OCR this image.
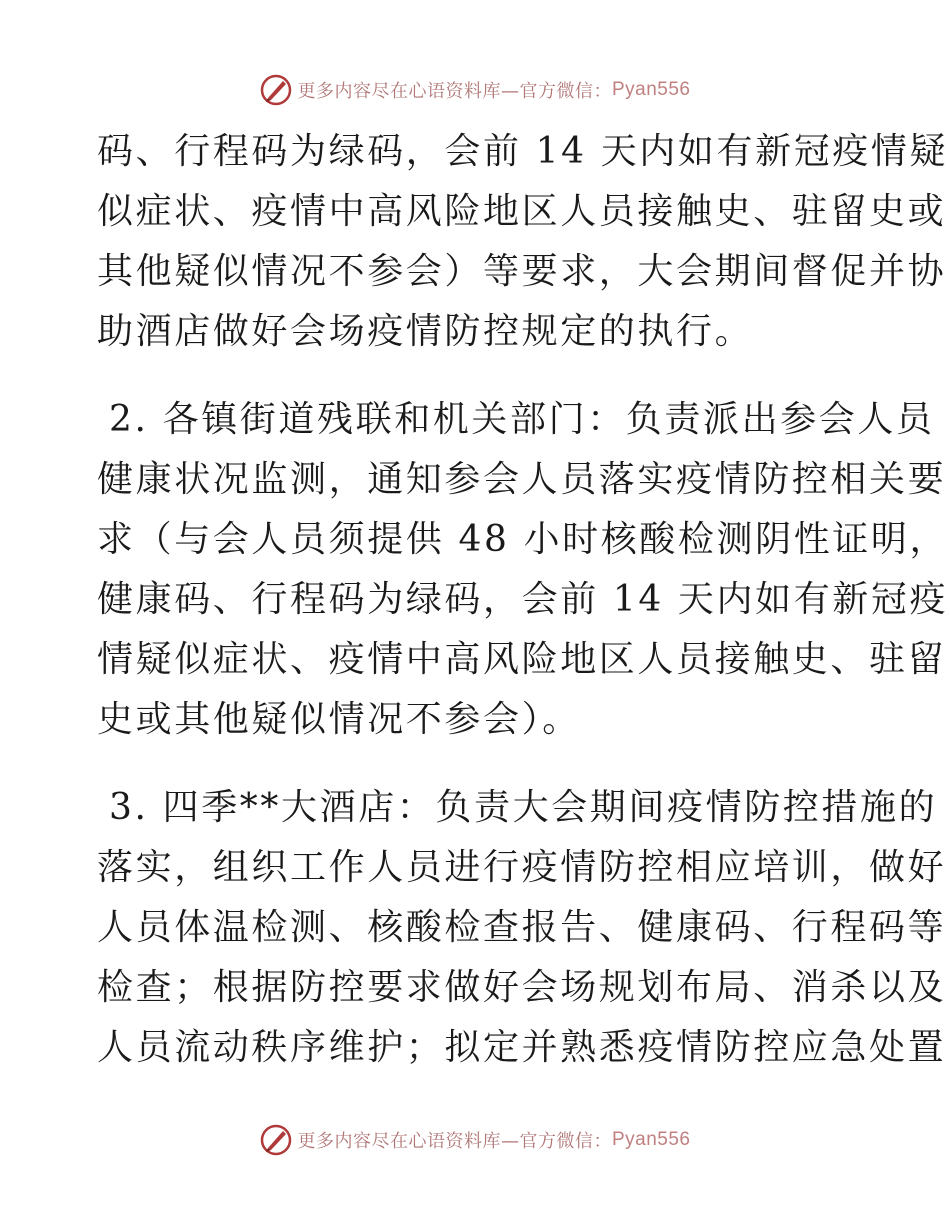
更多内容尽在心语资料库—官方微信： Pyan556
码、行程码为绿码，会前 14 天内如有新冠疫情疑
似症状、疫情中高风险地区人员接触史、驻留史或
其他疑似情况不参会）等要求，大会期间督促并协
助酒店做好会场疫情防控规定的执行。
2. 各镇街道残联和机关部门：负责派出参会人员
健康状况监测，通知参会人员落实疫情防控相关要
求（与会人员须提供 48 小时核酸检测阴性证明，
健康码、行程码为绿码，会前 14 天内如有新冠疫
情疑似症状、疫情中高风险地区人员接触史、驻留
史或其他疑似情况不参会）。
3. 四季**大酒店：负责大会期间疫情防控措施的
落实，组织工作人员进行疫情防控相应培训，做好
人员体温检测、核酸检查报告、健康码、行程码等
检查；根据防控要求做好会场规划布局、消杀以及
人员流动秩序维护；拟定并熟悉疫情防控应急处置
更多内容尽在心语资料库—官方微信： Pyan556
